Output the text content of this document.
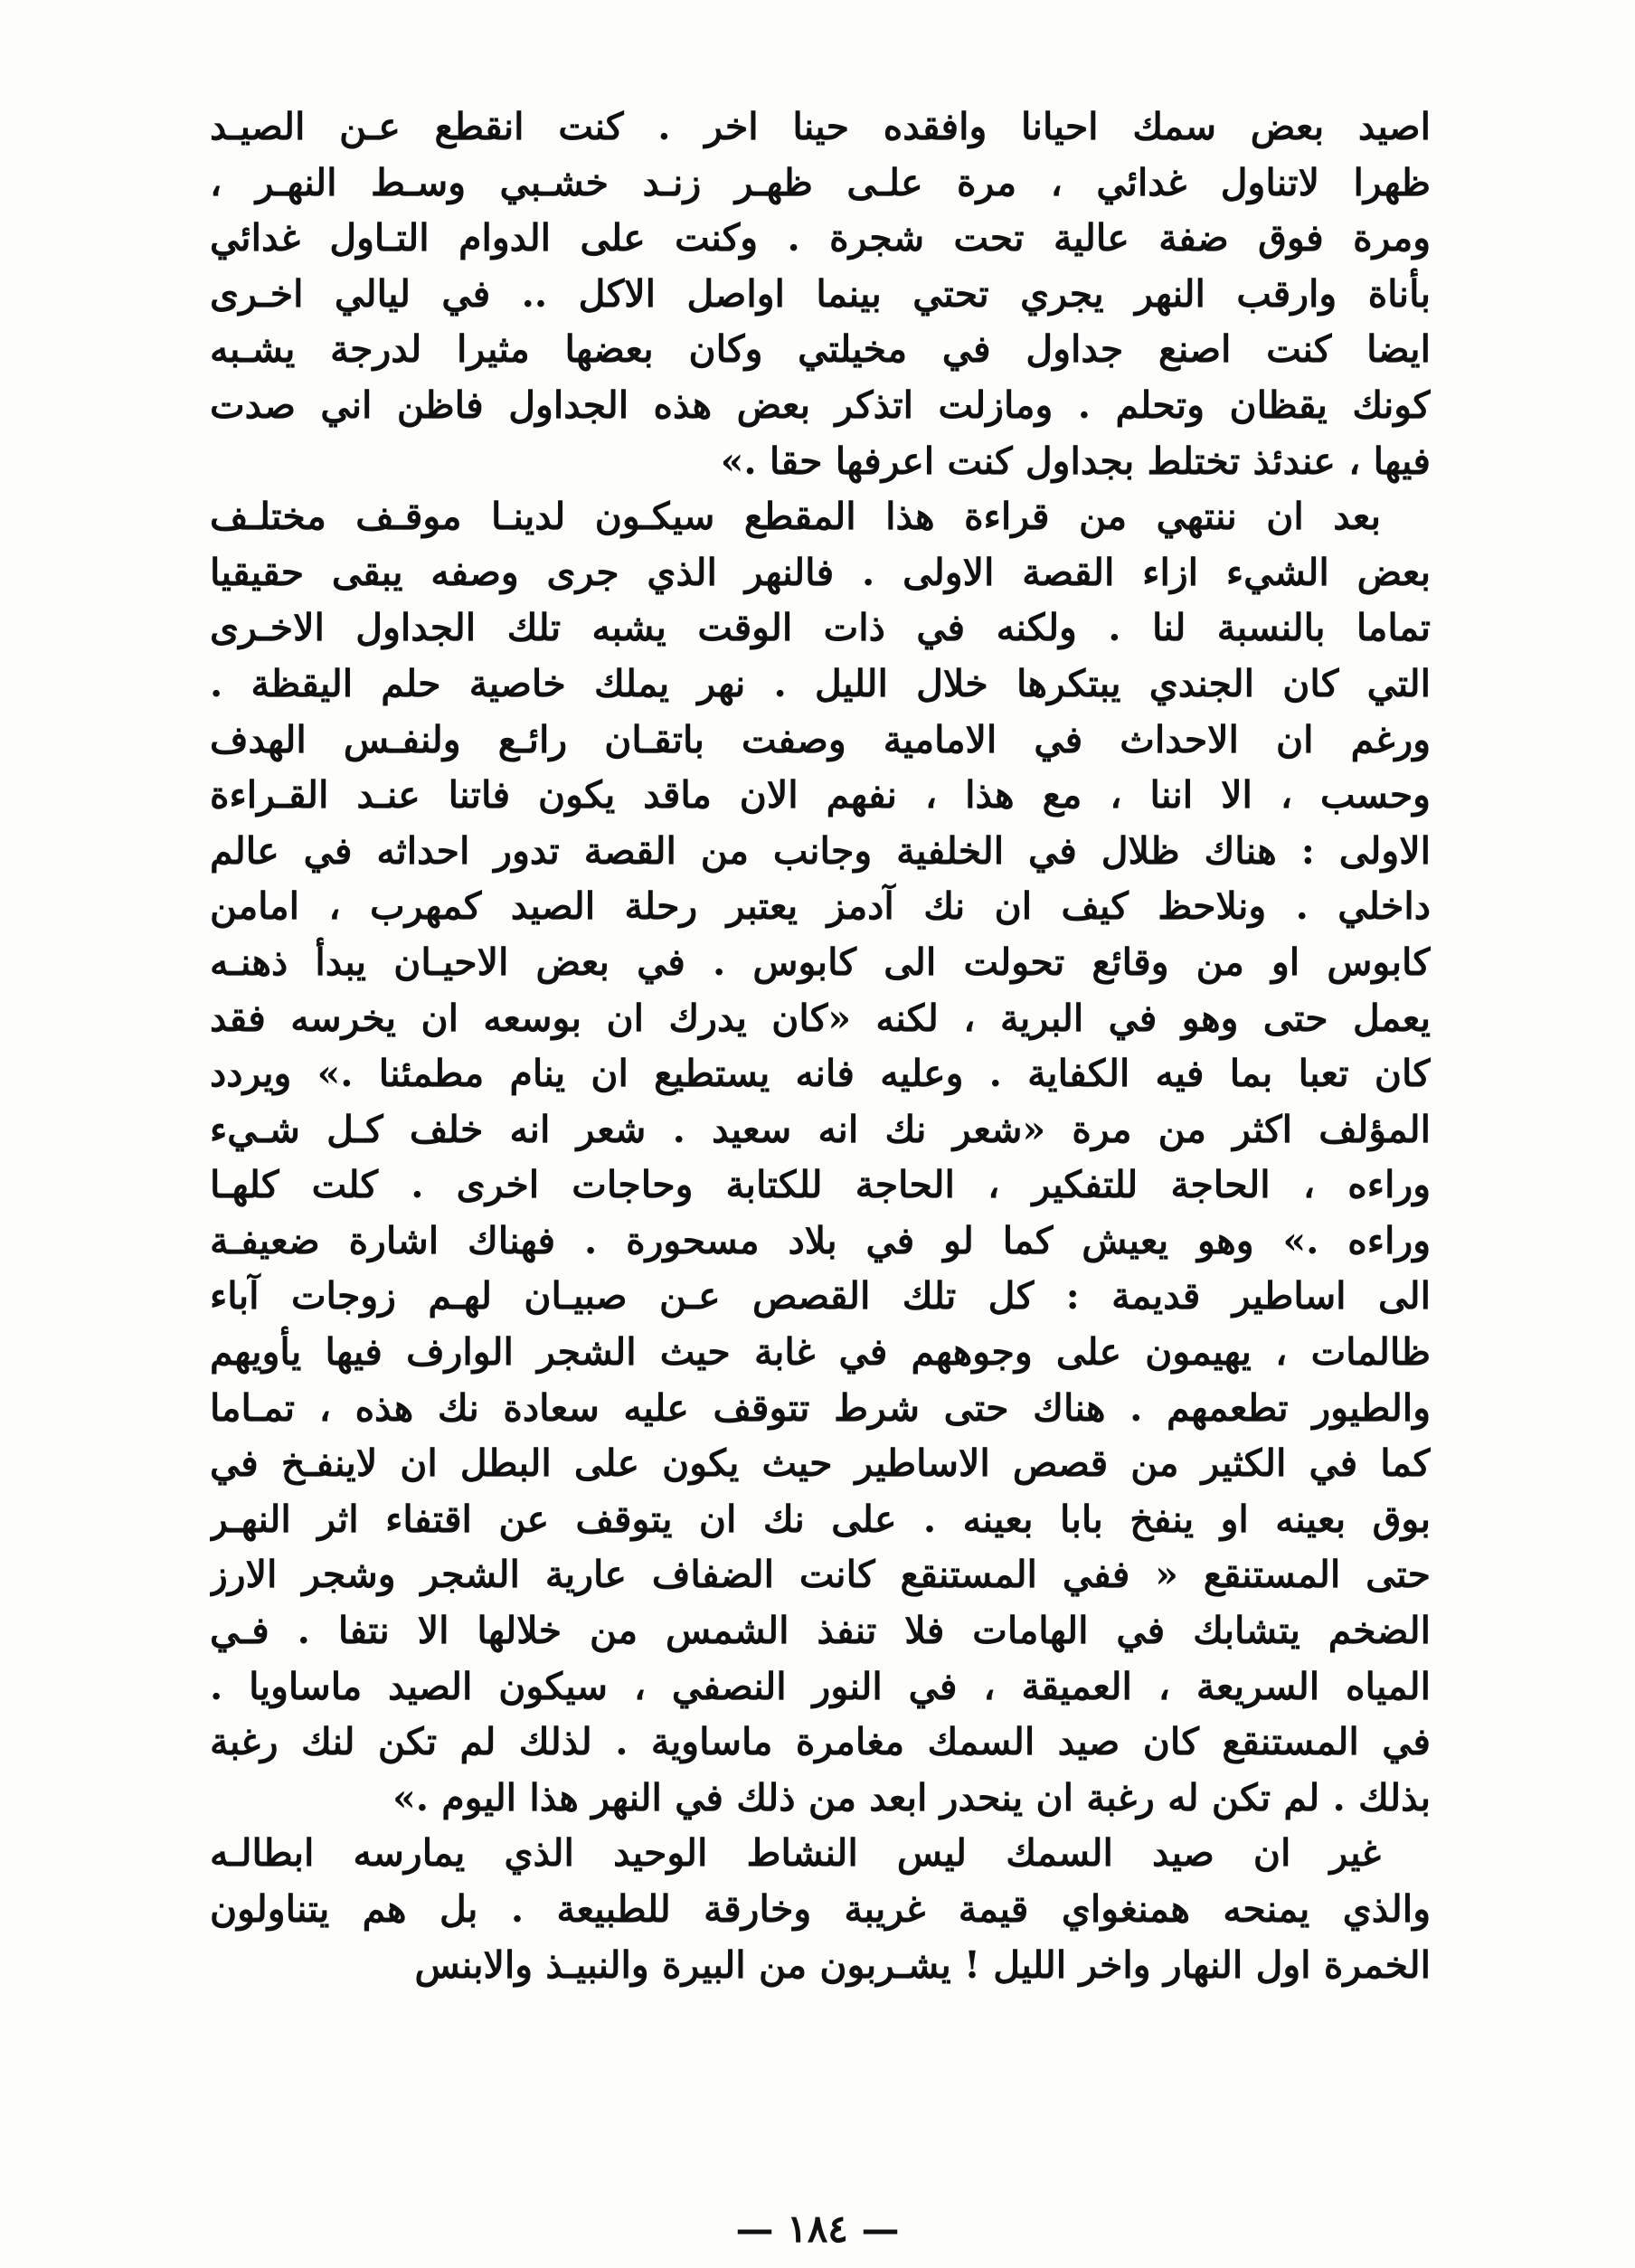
اصيد بعض سمك احيانا وافقده حينا اخر . كنت انقطع عـن الصيـد
ظهرا لاتناول غدائي ، مرة علـى ظهـر زنـد خشـبي وسـط النهـر ،
ومرة فوق ضفة عالية تحت شجرة . وكنت على الدوام التـاول غدائي
بأناة وارقب النهر يجري تحتي بينما اواصل الاكل .. في ليالي اخـرى
ايضا كنت اصنع جداول في مخيلتي وكان بعضها مثيرا لدرجة يشـبه
كونك يقظان وتحلم . ومازلت اتذكر بعض هذه الجداول فاظن اني صدت
فيها ، عندئذ تختلط بجداول كنت اعرفها حقا .»
بعد ان ننتهي من قراءة هذا المقطع سيكـون لدينـا موقـف مختلـف
بعض الشيء ازاء القصة الاولى . فالنهر الذي جرى وصفه يبقى حقيقيا
تماما بالنسبة لنا . ولكنه في ذات الوقت يشبه تلك الجداول الاخـرى
التي كان الجندي يبتكرها خلال الليل . نهر يملك خاصية حلم اليقظة .
ورغم ان الاحداث في الامامية وصفت باتقـان رائـع ولنفـس الهدف
وحسب ، الا اننا ، مع هذا ، نفهم الان ماقد يكون فاتنا عنـد القـراءة
الاولى : هناك ظلال في الخلفية وجانب من القصة تدور احداثه في عالم
داخلي . ونلاحظ كيف ان نك آدمز يعتبر رحلة الصيد كمهرب ، امامن
كابوس او من وقائع تحولت الى كابوس . في بعض الاحيـان يبدأ ذهنـه
يعمل حتى وهو في البرية ، لكنه «كان يدرك ان بوسعه ان يخرسه فقد
كان تعبا بما فيه الكفاية . وعليه فانه يستطيع ان ينام مطمئنا .» ويردد
المؤلف اكثر من مرة «شعر نك انه سعيد . شعر انه خلف كـل شـيء
وراءه ، الحاجة للتفكير ، الحاجة للكتابة وحاجات اخرى . كلت كلهـا
وراءه .» وهو يعيش كما لو في بلاد مسحورة . فهناك اشارة ضعيفـة
الى اساطير قديمة : كل تلك القصص عـن صبيـان لهـم زوجات آباء
ظالمات ، يهيمون على وجوههم في غابة حيث الشجر الوارف فيها يأويهم
والطيور تطعمهم . هناك حتى شرط تتوقف عليه سعادة نك هذه ، تمـاما
كما في الكثير من قصص الاساطير حيث يكون على البطل ان لاينفـخ في
بوق بعينه او ينفخ بابا بعينه . على نك ان يتوقف عن اقتفاء اثر النهـر
حتى المستنقع « ففي المستنقع كانت الضفاف عارية الشجر وشجر الارز
الضخم يتشابك في الهامات فلا تنفذ الشمس من خلالها الا نتفا . فـي
المياه السريعة ، العميقة ، في النور النصفي ، سيكون الصيد ماساويا .
في المستنقع كان صيد السمك مغامرة ماساوية . لذلك لم تكن لنك رغبة
بذلك . لم تكن له رغبة ان ينحدر ابعد من ذلك في النهر هذا اليوم .»
غير ان صيد السمك ليس النشاط الوحيد الذي يمارسه ابطالـه
والذي يمنحه همنغواي قيمة غريبة وخارقة للطبيعة . بل هم يتناولون
الخمرة اول النهار واخر الليل ! يشـربون من البيرة والنبيـذ والابنس
— ١٨٤ —
